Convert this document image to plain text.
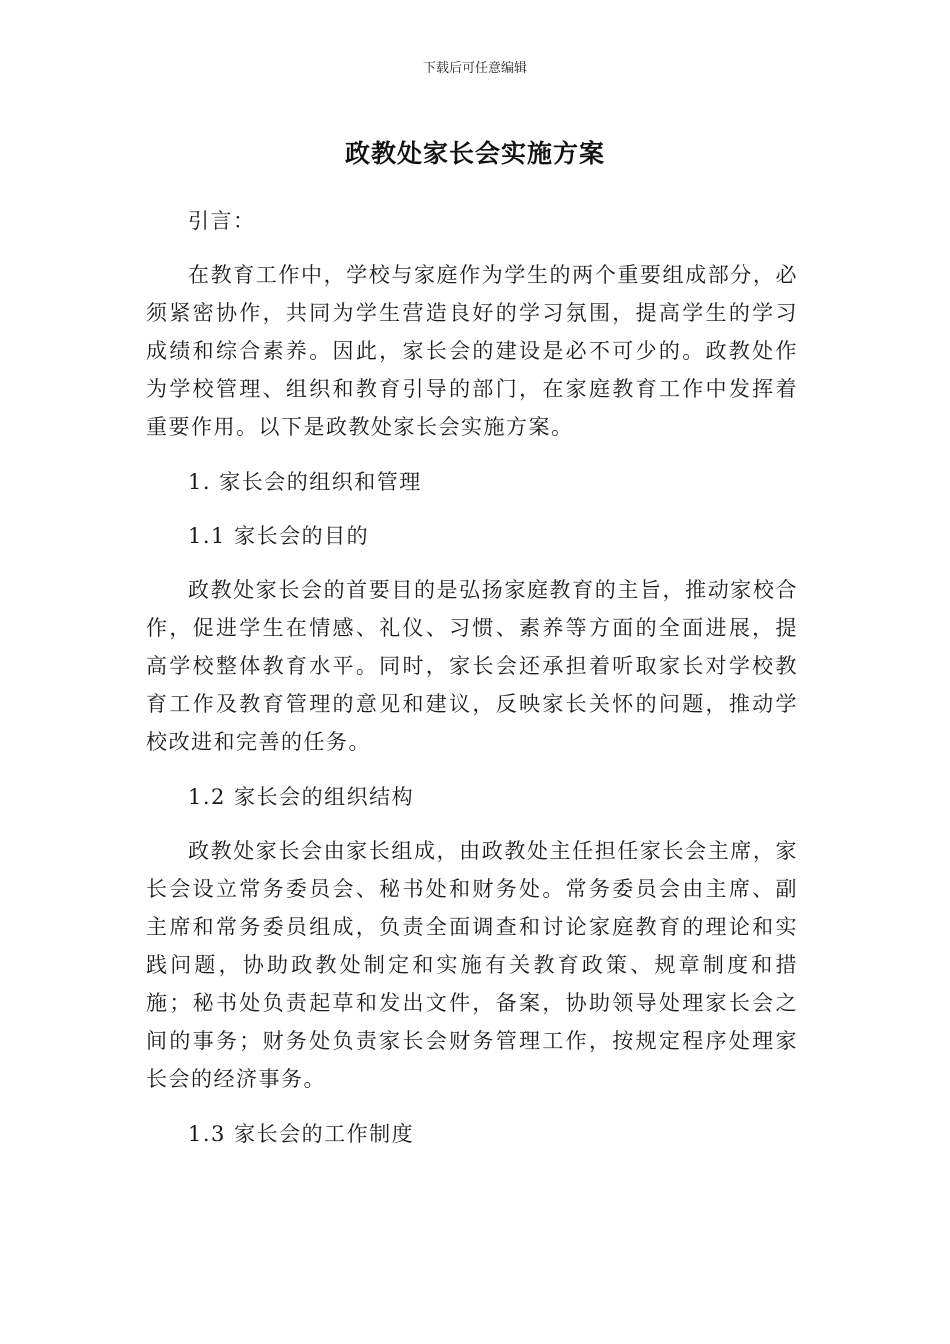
下载后可任意编辑
政教处家长会实施方案

引言：

在教育工作中，学校与家庭作为学生的两个重要组成部分，必须紧密协作，共同为学生营造良好的学习氛围，提高学生的学习成绩和综合素养。因此，家长会的建设是必不可少的。政教处作为学校管理、组织和教育引导的部门，在家庭教育工作中发挥着重要作用。以下是政教处家长会实施方案。

1. 家长会的组织和管理

1.1 家长会的目的

政教处家长会的首要目的是弘扬家庭教育的主旨，推动家校合作，促进学生在情感、礼仪、习惯、素养等方面的全面进展，提高学校整体教育水平。同时，家长会还承担着听取家长对学校教育工作及教育管理的意见和建议，反映家长关怀的问题，推动学校改进和完善的任务。

1.2 家长会的组织结构

政教处家长会由家长组成，由政教处主任担任家长会主席，家长会设立常务委员会、秘书处和财务处。常务委员会由主席、副主席和常务委员组成，负责全面调查和讨论家庭教育的理论和实践问题，协助政教处制定和实施有关教育政策、规章制度和措施；秘书处负责起草和发出文件，备案，协助领导处理家长会之间的事务；财务处负责家长会财务管理工作，按规定程序处理家长会的经济事务。

1.3 家长会的工作制度
